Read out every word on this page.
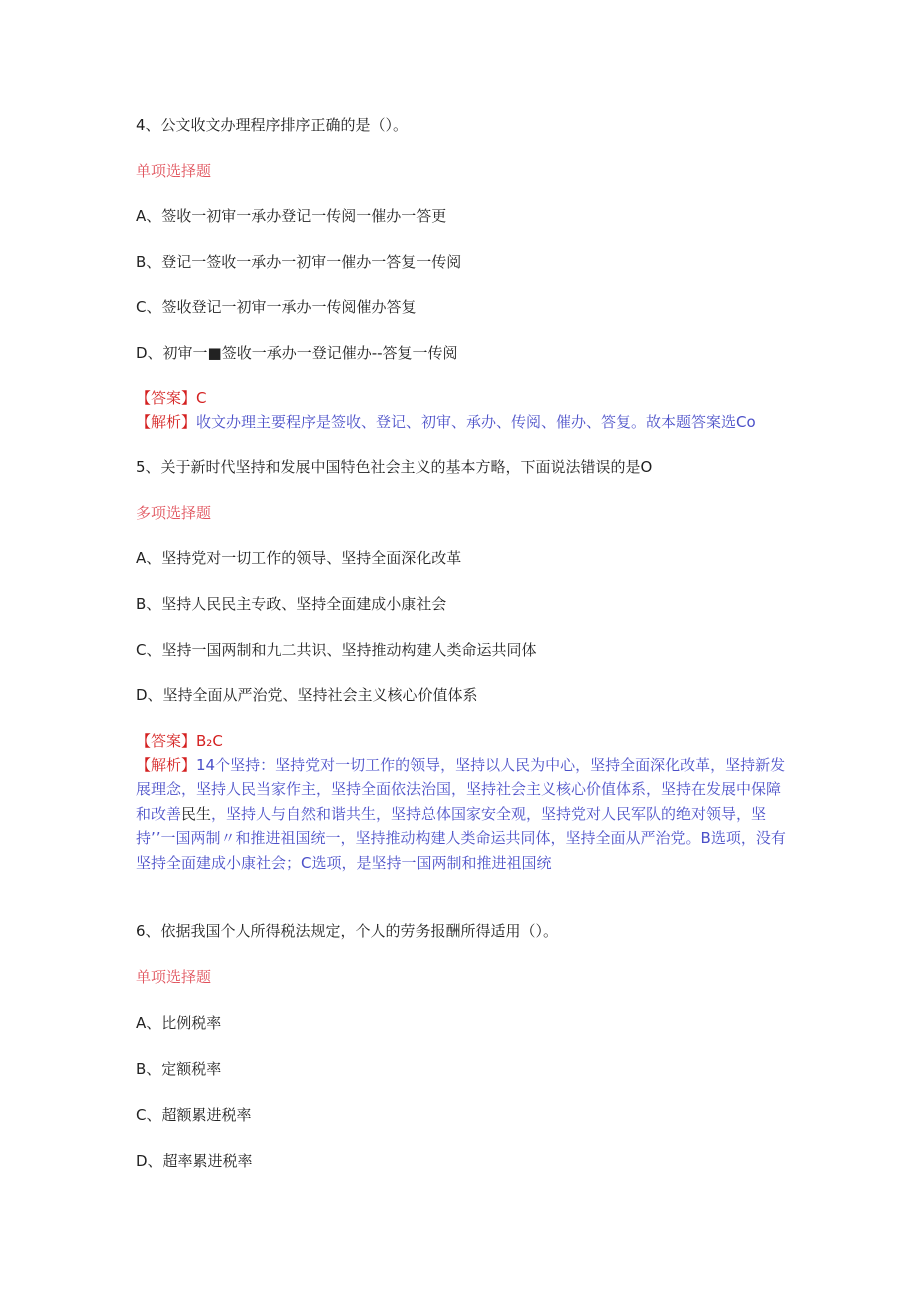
4、公文收文办理程序排序正确的是（）。
单项选择题
A、签收一初审一承办登记一传阅一催办一答更
B、登记一签收一承办一初审一催办一答复一传阅
C、签收登记一初审一承办一传阅催办答复
D、初审一■签收一承办一登记催办--答复一传阅
【答案】C
【解析】收文办理主要程序是签收、登记、初审、承办、传阅、催办、答复。故本题答案选Co
5、关于新时代坚持和发展中国特色社会主义的基本方略，下面说法错误的是O
多项选择题
A、坚持党对一切工作的领导、坚持全面深化改革
B、坚持人民民主专政、坚持全面建成小康社会
C、坚持一国两制和九二共识、坚持推动构建人类命运共同体
D、坚持全面从严治党、坚持社会主义核心价值体系
【答案】B₂C
【解析】14个坚持：坚持党对一切工作的领导，坚持以人民为中心，坚持全面深化改革，坚持新发展理念，坚持人民当家作主，坚持全面依法治国，坚持社会主义核心价值体系，坚持在发展中保障和改善民生，坚持人与自然和谐共生，坚持总体国家安全观，坚持党对人民军队的绝对领导，坚持’’一国两制〃和推进祖国统一，坚持推动构建人类命运共同体，坚持全面从严治党。B选项，没有坚持全面建成小康社会；C选项，是坚持一国两制和推进祖国统
6、依据我国个人所得税法规定，个人的劳务报酬所得适用（）。
单项选择题
A、比例税率
B、定额税率
C、超额累进税率
D、超率累进税率
